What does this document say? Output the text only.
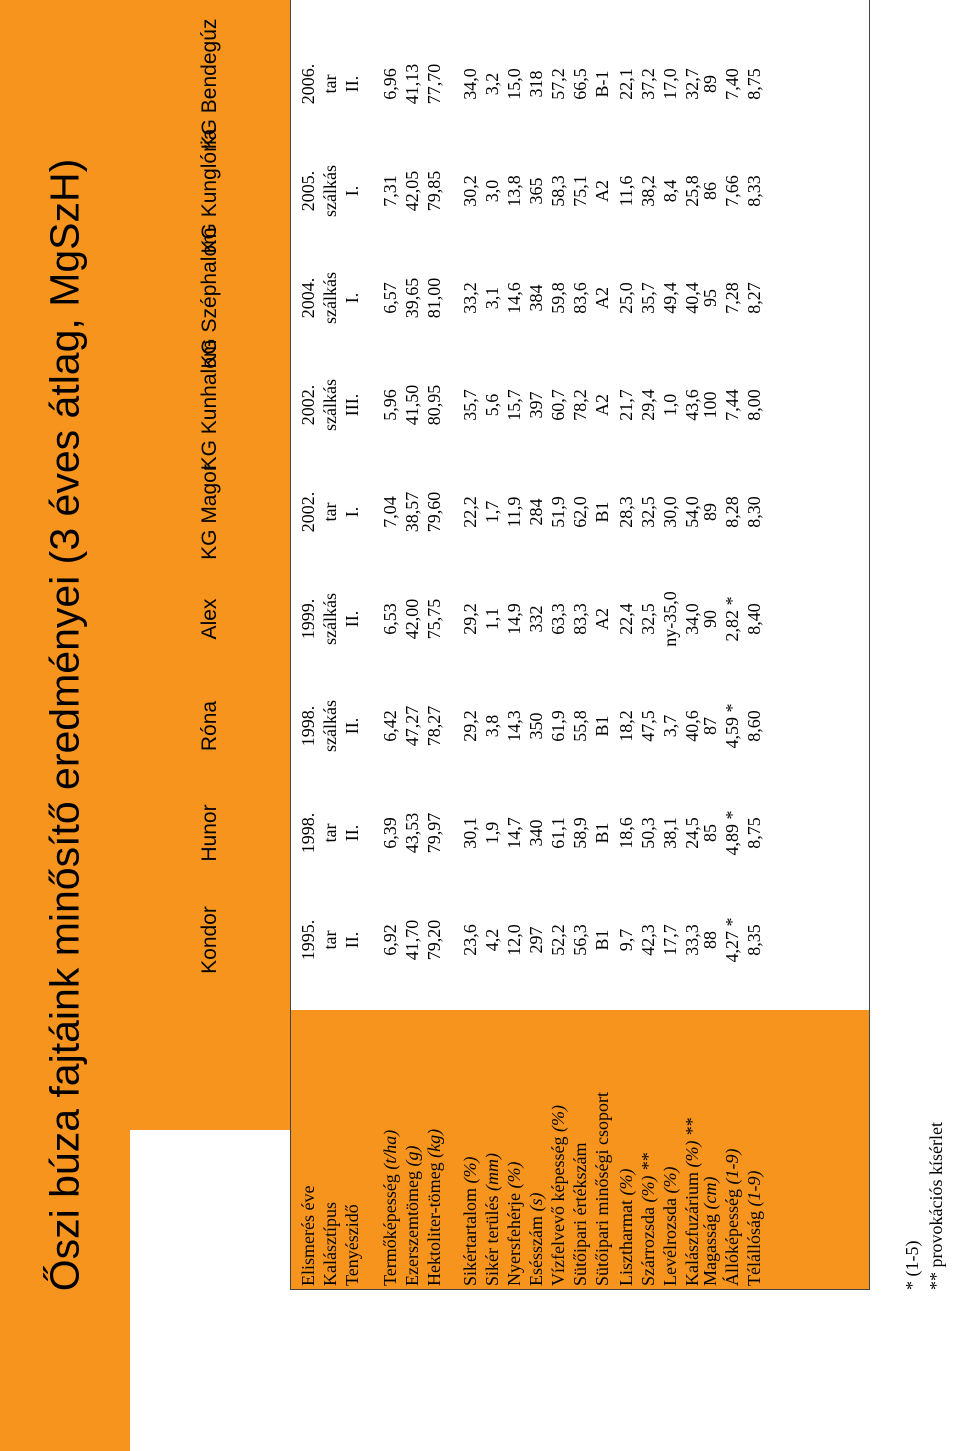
Őszi búza fajtáink minősítő eredményei (3 éves átlag, MgSzH)	Kondor
Hunor
Róna
Alex
KG Magor
KG Kunhalom
KG Széphalom
KG Kunglória
KG Bendegúz
Elismerés éve
1995.
1998.
1998.
1999.
2002.
2002.
2004.
2005.
2006.
Kalásztípus
tar
tar
szálkás
szálkás
tar
szálkás
szálkás
szálkás
tar
Tenyészidő
II.
II.
II.
II.
I.
III.
I.
I.
II.
Termőképesség (t/ha)
6,92
6,39
6,42
6,53
7,04
5,96
6,57
7,31
6,96
Ezerszemtömeg (g)
41,70
43,53
47,27
42,00
38,57
41,50
39,65
42,05
41,13
Hektoliter-tömeg (kg)
79,20
79,97
78,27
75,75
79,60
80,95
81,00
79,85
77,70
Sikértartalom (%)
23,6
30,1
29,2
29,2
22,2
35,7
33,2
30,2
34,0
Sikér terülés (mm)
4,2
1,9
3,8
1,1
1,7
5,6
3,1
3,0
3,2
Nyersfehérje (%)
12,0
14,7
14,3
14,9
11,9
15,7
14,6
13,8
15,0
Esésszám (s)
297
340
350
332
284
397
384
365
318
Vízfelvevő képesség (%)
52,2
61,1
61,9
63,3
51,9
60,7
59,8
58,3
57,2
Sütőipari értékszám
56,3
58,9
55,8
83,3
62,0
78,2
83,6
75,1
66,5
Sütőipari minőségi csoport
B1
B1
B1
A2
B1
A2
A2
A2
B-1
Lisztharmat (%)
9,7
18,6
18,2
22,4
28,3
21,7
25,0
11,6
22,1
Szárrozsda (%) **
42,3
50,3
47,5
32,5
32,5
29,4
35,7
38,2
37,2
Levélrozsda (%)
17,7
38,1
3,7
ny-35,0
30,0
1,0
49,4
8,4
17,0
Kalászfuzárium (%) **
33,3
24,5
40,6
34,0
54,0
43,6
40,4
25,8
32,7
Magasság (cm)
88
85
87
90
89
100
95
86
89
Állóképesség (1-9)
4,27 *
4,89 *
4,59 *
2,82 *
8,28
7,44
7,28
7,66
7,40
Télállóság (1-9)
8,35
8,75
8,60
8,40
8,30
8,00
8,27
8,33
8,75
* (1-5) ** provokációs kísérlet
